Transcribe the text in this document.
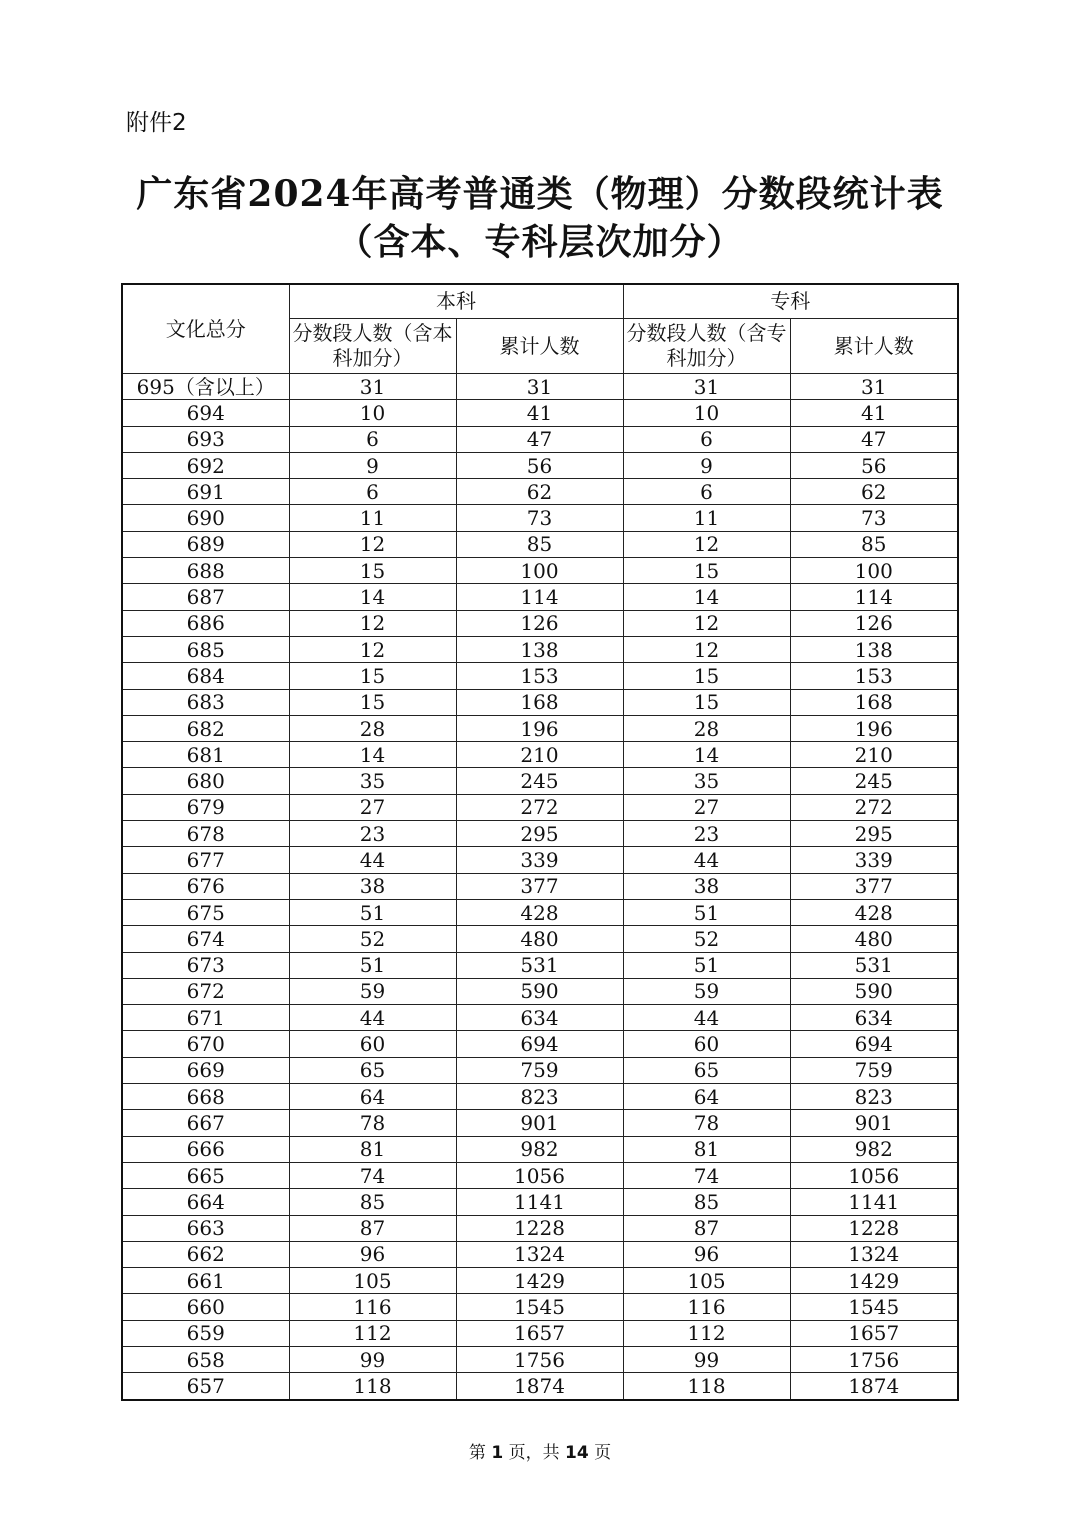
附件2
广东省2024年高考普通类（物理）分数段统计表
（含本、专科层次加分）
文化总分	本科		专科	
	分数段人数（含本科加分）	累计人数	分数段人数（含专科加分）	累计人数
695（含以上）	31	31	31	31
694	10	41	10	41
693	6	47	6	47
692	9	56	9	56
691	6	62	6	62
690	11	73	11	73
689	12	85	12	85
688	15	100	15	100
687	14	114	14	114
686	12	126	12	126
685	12	138	12	138
684	15	153	15	153
683	15	168	15	168
682	28	196	28	196
681	14	210	14	210
680	35	245	35	245
679	27	272	27	272
678	23	295	23	295
677	44	339	44	339
676	38	377	38	377
675	51	428	51	428
674	52	480	52	480
673	51	531	51	531
672	59	590	59	590
671	44	634	44	634
670	60	694	60	694
669	65	759	65	759
668	64	823	64	823
667	78	901	78	901
666	81	982	81	982
665	74	1056	74	1056
664	85	1141	85	1141
663	87	1228	87	1228
662	96	1324	96	1324
661	105	1429	105	1429
660	116	1545	116	1545
659	112	1657	112	1657
658	99	1756	99	1756
657	118	1874	118	1874
第 1 页，共 14 页
